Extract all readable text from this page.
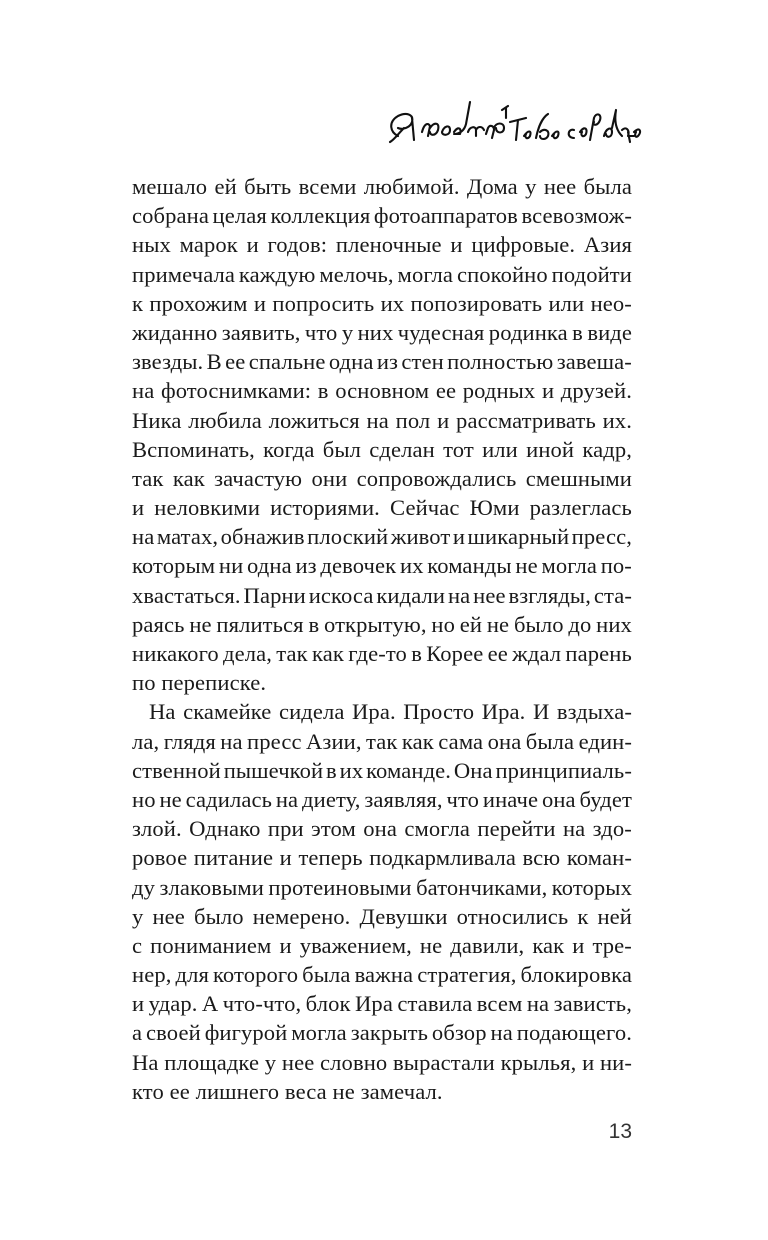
мешало ей быть всеми любимой. Дома у нее была
собрана целая коллекция фотоаппаратов всевозмож-
ных марок и годов: пленочные и цифровые. Азия
примечала каждую мелочь, могла спокойно подойти
к прохожим и попросить их попозировать или нео-
жиданно заявить, что у них чудесная родинка в виде
звезды. В ее спальне одна из стен полностью завеша-
на фотоснимками: в основном ее родных и друзей.
Ника любила ложиться на пол и рассматривать их.
Вспоминать, когда был сделан тот или иной кадр,
так как зачастую они сопровождались смешными
и неловкими историями. Сейчас Юми разлеглась
на матах, обнажив плоский живот и шикарный пресс,
которым ни одна из девочек их команды не могла по-
хвастаться. Парни искоса кидали на нее взгляды, ста-
раясь не пялиться в открытую, но ей не было до них
никакого дела, так как где-то в Корее ее ждал парень
по переписке.
На скамейке сидела Ира. Просто Ира. И вздыха-
ла, глядя на пресс Азии, так как сама она была един-
ственной пышечкой в их команде. Она принципиаль-
но не садилась на диету, заявляя, что иначе она будет
злой. Однако при этом она смогла перейти на здо-
ровое питание и теперь подкармливала всю коман-
ду злаковыми протеиновыми батончиками, которых
у нее было немерено. Девушки относились к ней
с пониманием и уважением, не давили, как и тре-
нер, для которого была важна стратегия, блокировка
и удар. А что-что, блок Ира ставила всем на зависть,
а своей фигурой могла закрыть обзор на подающего.
На площадке у нее словно вырастали крылья, и ни-
кто ее лишнего веса не замечал.
13
